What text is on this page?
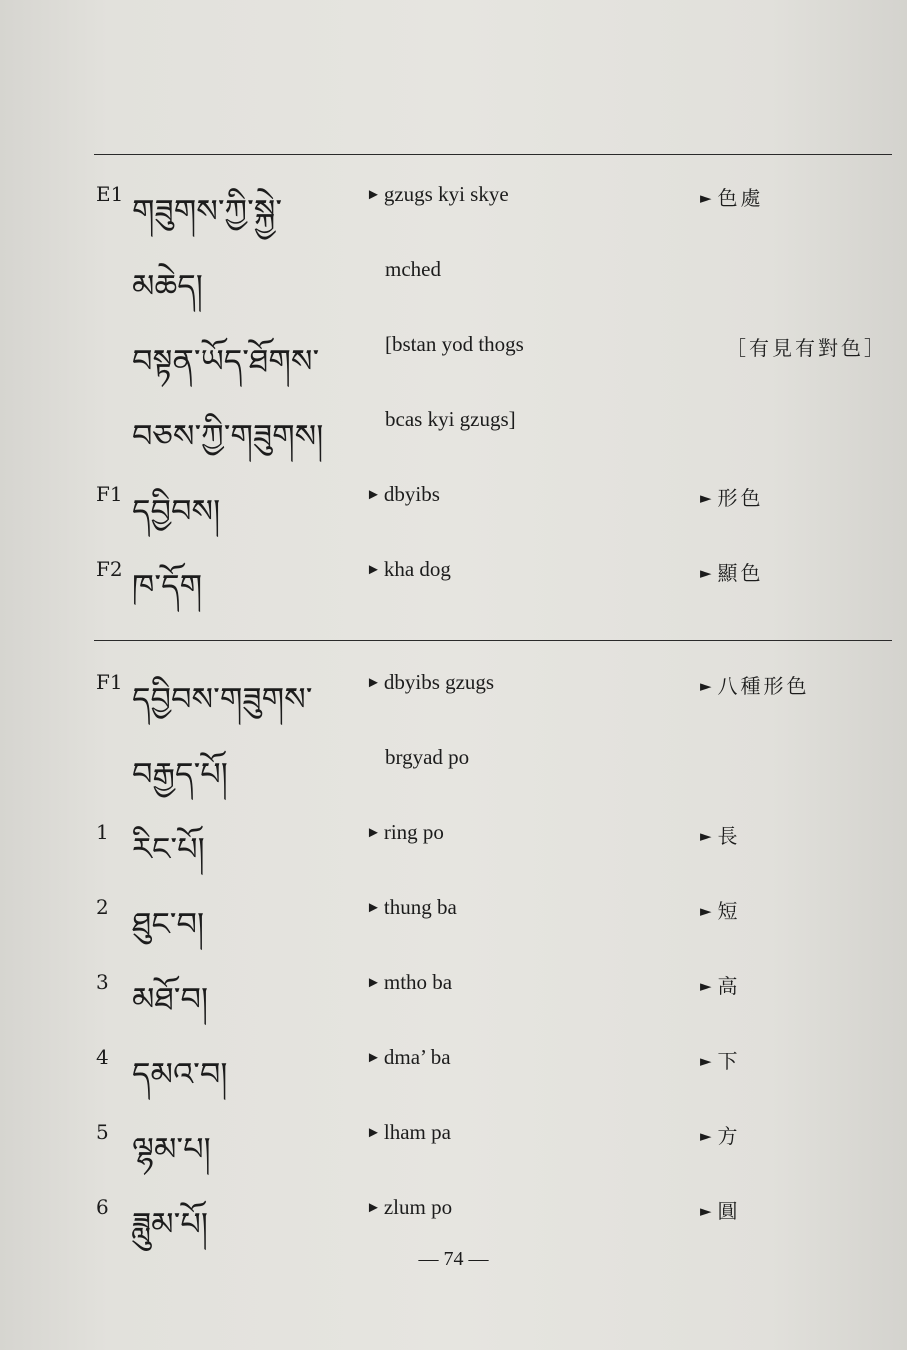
E1 གཟུགས་ཀྱི་སྐྱེ་	► gzugs kyi skye	► 色處
མཆེད།	mched
བསྟན་ཡོད་ཐོགས་	[bstan yod thogs	［有見有對色］
བཅས་ཀྱི་གཟུགས།	bcas kyi gzugs]
F1 དབྱིབས།	► dbyibs	► 形色
F2 ཁ་དོག	► kha dog	► 顯色
F1 དབྱིབས་གཟུགས་	► dbyibs gzugs	► 八種形色
བརྒྱད་པོ།	brgyad po
1 རིང་པོ།	► ring po	► 長
2 ཐུང་བ།	► thung ba	► 短
3 མཐོ་བ།	► mtho ba	► 高
4 དམའ་བ།	► dma’ ba	► 下
5 ལྷམ་པ།	► lham pa	► 方
6 ཟླུམ་པོ།	► zlum po	► 圓
— 74 —
